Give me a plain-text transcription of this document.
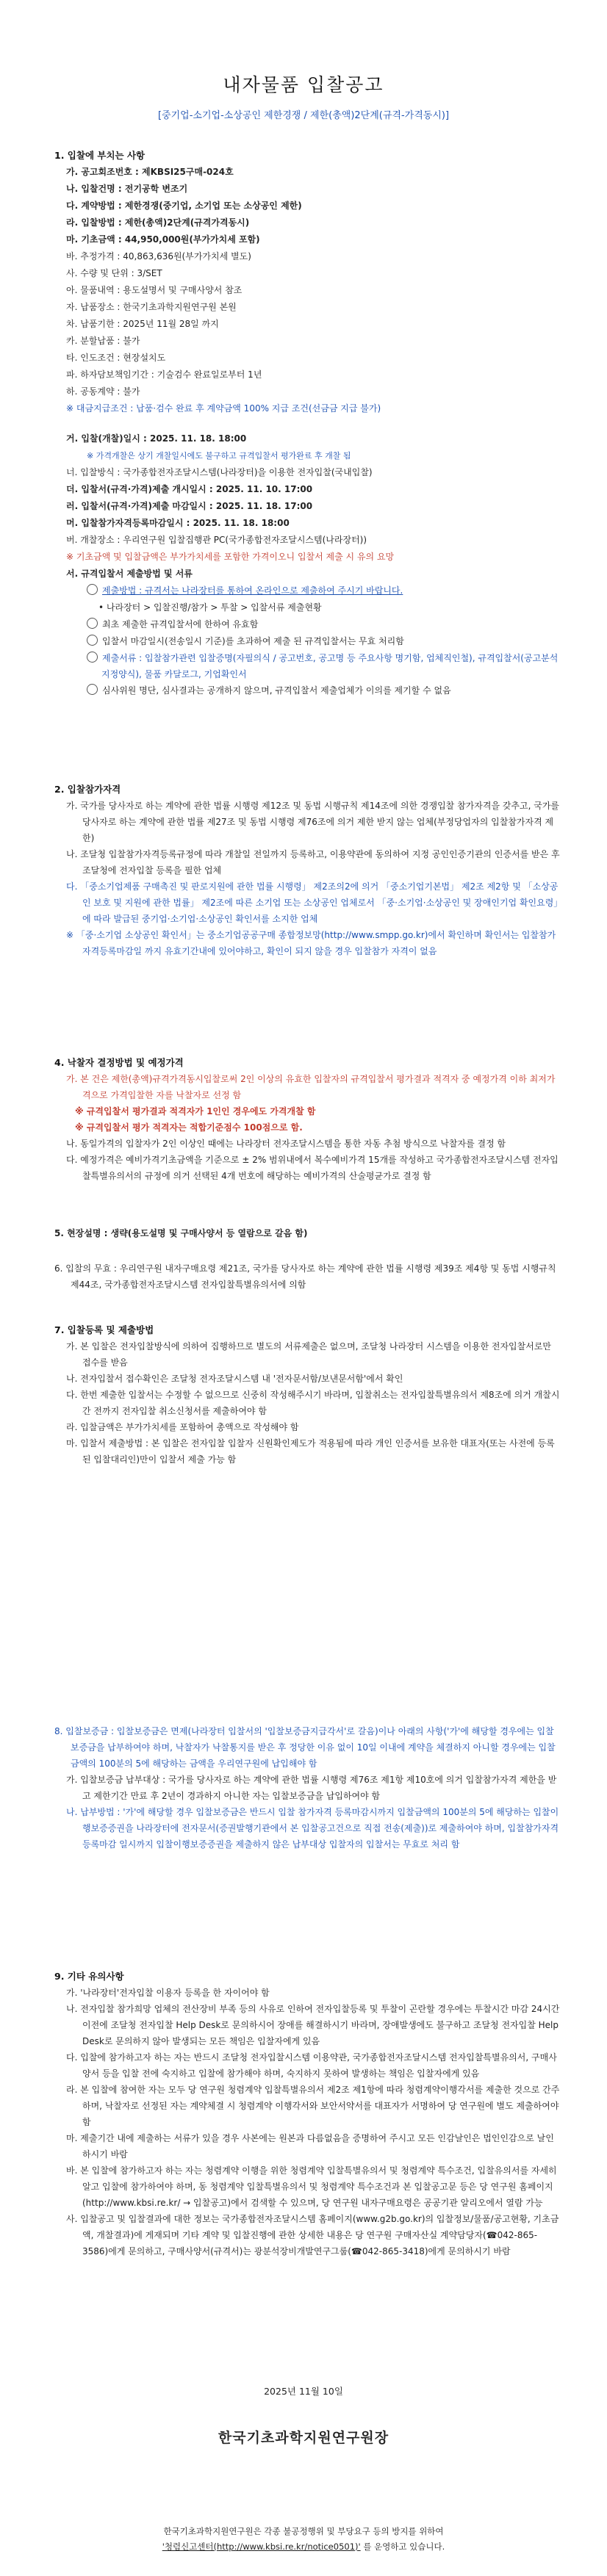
내자물품 입찰공고
[중기업-소기업-소상공인 제한경쟁 / 제한(총액)2단계(규격-가격동시)]
1. 입찰에 부치는 사항
가. 공고회조번호 : 제KBSI25구매-024호
나. 입찰건명 : 전기공학 변조기
다. 계약방법 : 제한경쟁(중기업, 소기업 또는 소상공인 제한)
라. 입찰방법 : 제한(총액)2단계(규격가격동시)
마. 기초금액 : 44,950,000원(부가가치세 포함)
바. 추정가격 : 40,863,636원(부가가치세 별도)
사. 수량 및 단위 : 3/SET
아. 물품내역 : 용도설명서 및 구매사양서 참조
자. 납품장소 : 한국기초과학지원연구원 본원
차. 납품기한 : 2025년 11월 28일 까지
카. 분할납품 : 불가
타. 인도조건 : 현장설치도
파. 하자담보책임기간 : 기술검수 완료일로부터 1년
하. 공동계약 : 불가
※ 대금지급조건 : 납품·검수 완료 후 계약금액 100% 지급 조건(선금금 지급 불가)
거. 입찰(개찰)일시 : 2025. 11. 18. 18:00
※ 가격개찰은 상기 개찰일시에도 불구하고 규격입찰서 평가완료 후 개찰 됨
너. 입찰방식 : 국가종합전자조달시스템(나라장터)을 이용한 전자입찰(국내입찰)
더. 입찰서(규격·가격)제출 개시일시 : 2025. 11. 10. 17:00
러. 입찰서(규격·가격)제출 마감일시 : 2025. 11. 18. 17:00
머. 입찰참가자격등록마감일시 : 2025. 11. 18. 18:00
버. 개찰장소 : 우리연구원 입찰집행관 PC(국가종합전자조달시스템(나라장터))
※ 기초금액 및 입찰금액은 부가가치세를 포함한 가격이오니 입찰서 제출 시 유의 요망
서. 규격입찰서 제출방법 및 서류
제출방법 : 규격서는 나라장터를 통하여 온라인으로 제출하여 주시기 바랍니다.
• 나라장터 > 입찰진행/참가 > 투찰 > 입찰서류 제출현황
최초 제출한 규격입찰서에 한하여 유효함
입찰서 마감일시(전송일시 기준)를 초과하여 제출 된 규격입찰서는 무효 처리함
제출서류 : 입찰참가관련 입찰증명(자필의식 / 공고번호, 공고명 등 주요사항 명기함, 업체직인철), 규격입찰서(공고분석 지정양식), 물품 카달로그, 기업확인서
심사위원 명단, 심사결과는 공개하지 않으며, 규격입찰서 제출업체가 이의를 제기할 수 없음
2. 입찰참가자격
가. 국가를 당사자로 하는 계약에 관한 법률 시행령 제12조 및 동법 시행규칙 제14조에 의한 경쟁입찰 참가자격을 갖추고, 국가를 당사자로 하는 계약에 관한 법률 제27조 및 동법 시행령 제76조에 의거 제한 받지 않는 업체(부정당업자의 입찰참가자격 제한)
나. 조달청 입찰참가자격등록규정에 따라 개찰일 전일까지 등록하고, 이용약관에 동의하여 지정 공인인증기관의 인증서를 받은 후 조달청에 전자입찰 등록을 필한 업체
다. 「중소기업제품 구매촉진 및 판로지원에 관한 법률 시행령」 제2조의2에 의거 「중소기업기본법」 제2조 제2항 및 「소상공인 보호 및 지원에 관한 법률」 제2조에 따른 소기업 또는 소상공인 업체로서 「중·소기업·소상공인 및 장애인기업 확인요령」에 따라 발급된 중기업·소기업·소상공인 확인서를 소지한 업체
※ 「중·소기업 소상공인 확인서」는 중소기업공공구매 종합정보망(http://www.smpp.go.kr)에서 확인하며 확인서는 입찰참가자격등록마감일 까지 유효기간내에 있어야하고, 확인이 되지 않을 경우 입찰참가 자격이 없음
4. 낙찰자 결정방법 및 예정가격
가. 본 건은 제한(총액)규격가격동시입찰로써 2인 이상의 유효한 입찰자의 규격입찰서 평가결과 적격자 중 예정가격 이하 최저가격으로 가격입찰한 자를 낙찰자로 선정 함
※ 규격입찰서 평가결과 적격자가 1인인 경우에도 가격개찰 함
※ 규격입찰서 평가 적격자는 적합기준점수 100점으로 함.
나. 동일가격의 입찰자가 2인 이상인 때에는 나라장터 전자조달시스템을 통한 자동 추첨 방식으로 낙찰자를 결정 함
다. 예정가격은 예비가격기초금액을 기준으로 ± 2% 범위내에서 복수예비가격 15개를 작성하고 국가종합전자조달시스템 전자입찰특별유의서의 규정에 의거 선택된 4개 번호에 해당하는 예비가격의 산술평균가로 결정 함
5. 현장설명 : 생략(용도설명 및 구매사양서 등 열람으로 갈음 함)
6. 입찰의 무효 : 우리연구원 내자구매요령 제21조, 국가를 당사자로 하는 계약에 관한 법률 시행령 제39조 제4항 및 동법 시행규칙 제44조, 국가종합전자조달시스템 전자입찰특별유의서에 의함
7. 입찰등록 및 제출방법
가. 본 입찰은 전자입찰방식에 의하여 집행하므로 별도의 서류제출은 없으며, 조달청 나라장터 시스템을 이용한 전자입찰서로만 접수를 받음
나. 전자입찰서 접수확인은 조달청 전자조달시스템 내 '전자문서함/보낸문서함'에서 확인
다. 한번 제출한 입찰서는 수정할 수 없으므로 신중히 작성해주시기 바라며, 입찰취소는 전자입찰특별유의서 제8조에 의거 개찰시간 전까지 전자입찰 취소신청서를 제출하여야 함
라. 입찰금액은 부가가치세를 포함하여 총액으로 작성해야 함
마. 입찰서 제출방법 : 본 입찰은 전자입찰 입찰자 신원확인제도가 적용됨에 따라 개인 인증서를 보유한 대표자(또는 사전에 등록된 입찰대리인)만이 입찰서 제출 가능 함
8. 입찰보증금 : 입찰보증금은 면제(나라장터 입찰서의 '입찰보증금지급각서'로 갈음)이나 아래의 사항('가'에 해당할 경우에는 입찰보증금을 납부하여야 하며, 낙찰자가 낙찰통지를 받은 후 정당한 이유 없이 10일 이내에 계약을 체결하지 아니할 경우에는 입찰금액의 100분의 5에 해당하는 금액을 우리연구원에 납입해야 함
가. 입찰보증금 납부대상 : 국가를 당사자로 하는 계약에 관한 법률 시행령 제76조 제1항 제10호에 의거 입찰참가자격 제한을 받고 제한기간 만료 후 2년이 경과하지 아니한 자는 입찰보증금을 납입하여야 함
나. 납부방법 : '가'에 해당할 경우 입찰보증금은 반드시 입찰 참가자격 등록마감시까지 입찰금액의 100분의 5에 해당하는 입찰이행보증증권을 나라장터에 전자문서(증권발행기관에서 본 입찰공고건으로 직접 전송(제출))로 제출하여야 하며, 입찰참가자격 등록마감 일시까지 입찰이행보증증권을 제출하지 않은 납부대상 입찰자의 입찰서는 무효로 처리 함
9. 기타 유의사항
가. '나라장터'전자입찰 이용자 등록을 한 자이어야 함
나. 전자입찰 참가희망 업체의 전산장비 부족 등의 사유로 인하여 전자입찰등록 및 투찰이 곤란할 경우에는 투찰시간 마감 24시간이전에 조달청 전자입찰 Help Desk로 문의하시어 장애를 해결하시기 바라며, 장애발생에도 불구하고 조달청 전자입찰 Help Desk로 문의하지 않아 발생되는 모든 책임은 입찰자에게 있음
다. 입찰에 참가하고자 하는 자는 반드시 조달청 전자입찰시스템 이용약관, 국가종합전자조달시스템 전자입찰특별유의서, 구매사양서 등을 입찰 전에 숙지하고 입찰에 참가해야 하며, 숙지하지 못하여 발생하는 책임은 입찰자에게 있음
라. 본 입찰에 참여한 자는 모두 당 연구원 청렴계약 입찰특별유의서 제2조 제1항에 따라 청렴계약이행각서를 제출한 것으로 간주하며, 낙찰자로 선정된 자는 계약체결 시 청렴계약 이행각서와 보안서약서를 대표자가 서명하여 당 연구원에 별도 제출하여야 함
마. 제출기간 내에 제출하는 서류가 있을 경우 사본에는 원본과 다름없음을 증명하여 주시고 모든 인감날인은 법인인감으로 날인하시기 바람
바. 본 입찰에 참가하고자 하는 자는 청렴계약 이행을 위한 청렴계약 입찰특별유의서 및 청렴계약 특수조건, 입찰유의서를 자세히 알고 입찰에 참가하여야 하며, 동 청렴계약 입찰특별유의서 및 청렴계약 특수조건과 본 입찰공고문 등은 당 연구원 홈페이지(http://www.kbsi.re.kr/ → 입찰공고)에서 검색할 수 있으며, 당 연구원 내자구매요령은 공공기관 알리오에서 열람 가능
사. 입찰공고 및 입찰결과에 대한 정보는 국가종합전자조달시스템 홈페이지(www.g2b.go.kr)의 입찰정보/물품/공고현황, 기초금액, 개찰결과)에 게재되며 기타 계약 및 입찰진행에 관한 상세한 내용은 당 연구원 구매자산실 계약담당자(☎042-865-3586)에게 문의하고, 구매사양서(규격서)는 광분석장비개발연구그룹(☎042-865-3418)에게 문의하시기 바람
2025년 11월 10일
한국기초과학지원연구원장
한국기초과학지원연구원은 각종 불공정행위 및 부당요구 등의 방지를 위하여
'청렴신고센터(http://www.kbsi.re.kr/notice0501)' 를 운영하고 있습니다.
